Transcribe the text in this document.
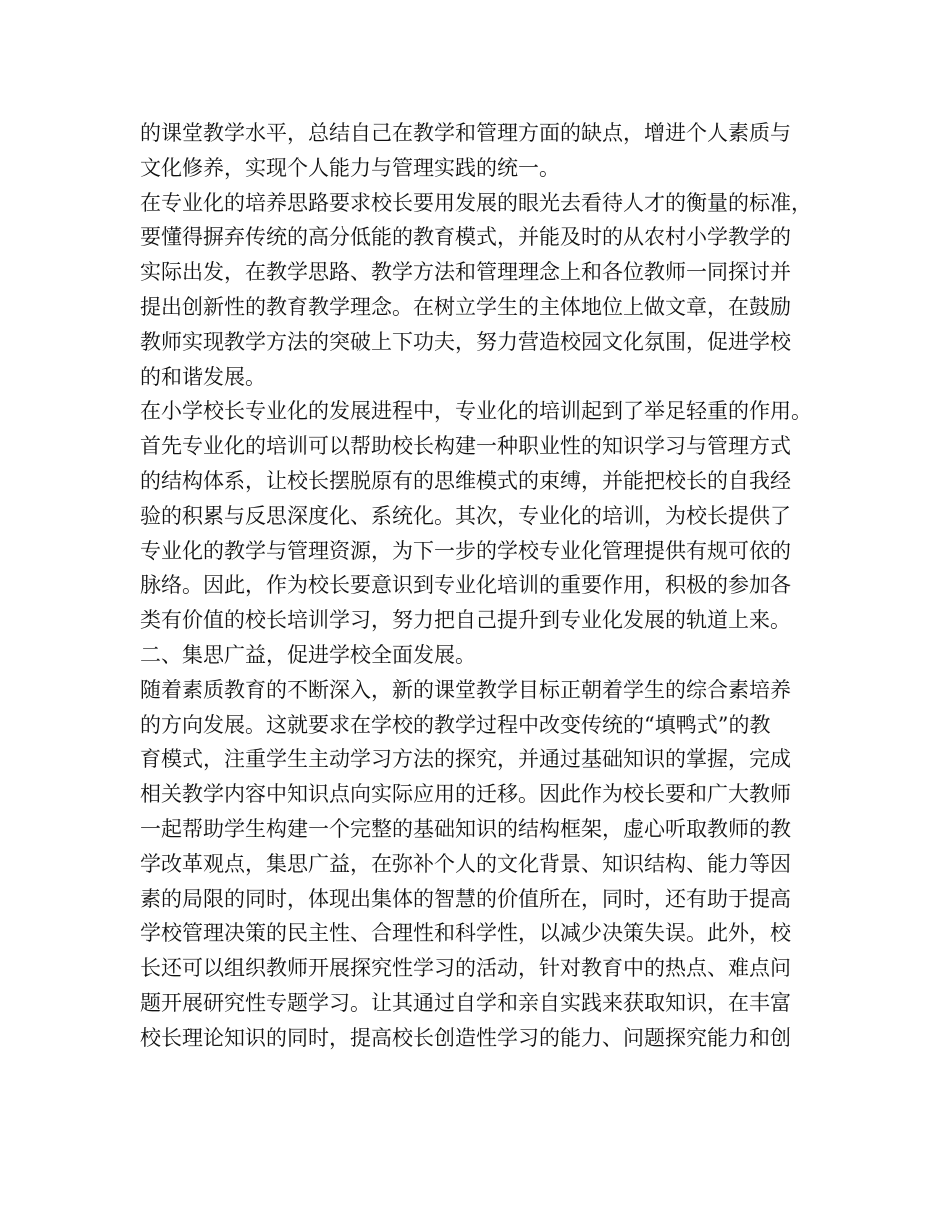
的课堂教学水平，总结自己在教学和管理方面的缺点，增进个人素质与
文化修养，实现个人能力与管理实践的统一。
在专业化的培养思路要求校长要用发展的眼光去看待人才的衡量的标准，
要懂得摒弃传统的高分低能的教育模式，并能及时的从农村小学教学的
实际出发，在教学思路、教学方法和管理理念上和各位教师一同探讨并
提出创新性的教育教学理念。在树立学生的主体地位上做文章，在鼓励
教师实现教学方法的突破上下功夫，努力营造校园文化氛围，促进学校
的和谐发展。
在小学校长专业化的发展进程中，专业化的培训起到了举足轻重的作用。
首先专业化的培训可以帮助校长构建一种职业性的知识学习与管理方式
的结构体系，让校长摆脱原有的思维模式的束缚，并能把校长的自我经
验的积累与反思深度化、系统化。其次，专业化的培训，为校长提供了
专业化的教学与管理资源，为下一步的学校专业化管理提供有规可依的
脉络。因此，作为校长要意识到专业化培训的重要作用，积极的参加各
类有价值的校长培训学习，努力把自己提升到专业化发展的轨道上来。
二、集思广益，促进学校全面发展。
随着素质教育的不断深入，新的课堂教学目标正朝着学生的综合素培养
的方向发展。这就要求在学校的教学过程中改变传统的“填鸭式”的教
育模式，注重学生主动学习方法的探究，并通过基础知识的掌握，完成
相关教学内容中知识点向实际应用的迁移。因此作为校长要和广大教师
一起帮助学生构建一个完整的基础知识的结构框架，虚心听取教师的教
学改革观点，集思广益，在弥补个人的文化背景、知识结构、能力等因
素的局限的同时，体现出集体的智慧的价值所在，同时，还有助于提高
学校管理决策的民主性、合理性和科学性，以减少决策失误。此外，校
长还可以组织教师开展探究性学习的活动，针对教育中的热点、难点问
题开展研究性专题学习。让其通过自学和亲自实践来获取知识，在丰富
校长理论知识的同时，提高校长创造性学习的能力、问题探究能力和创
